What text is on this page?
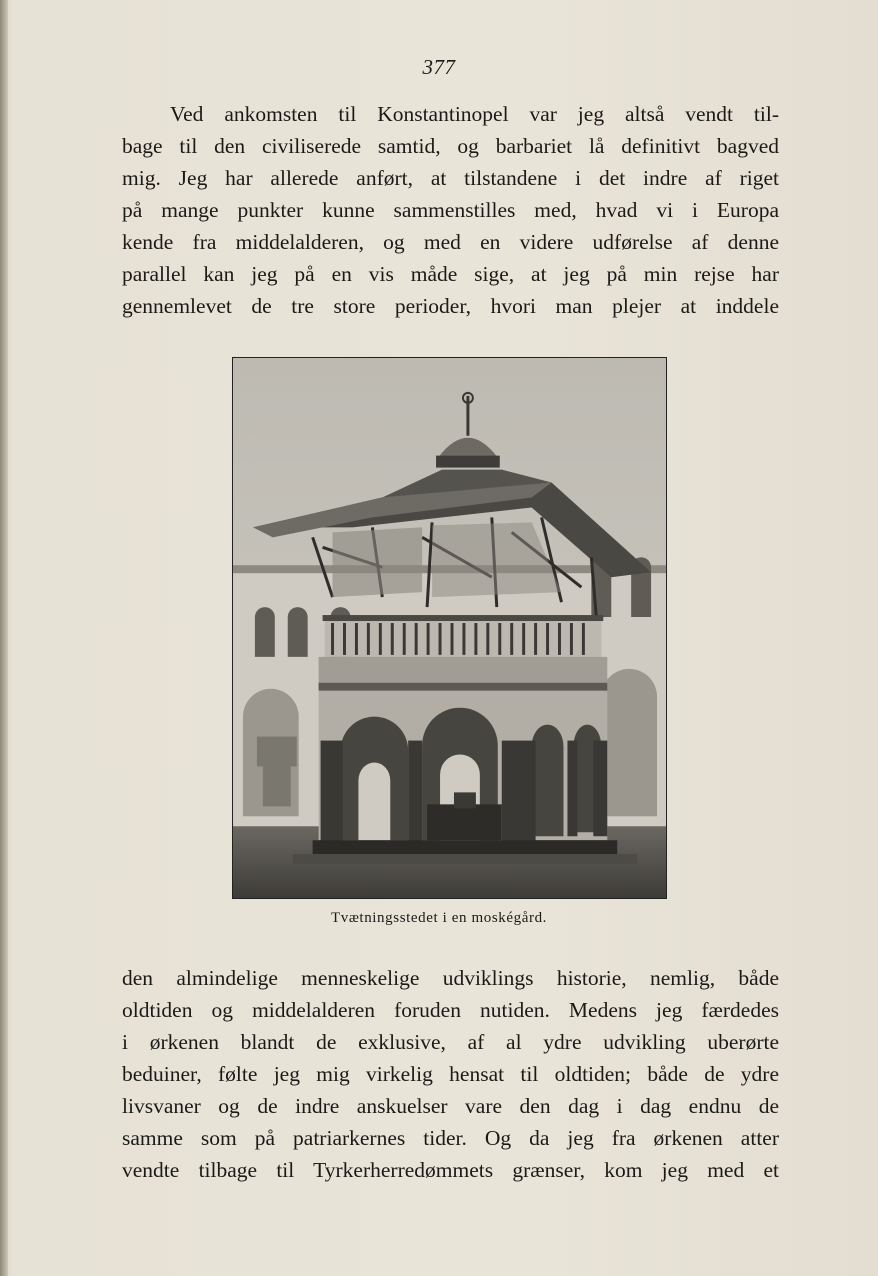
377
Ved ankomsten til Konstantinopel var jeg altså vendt til-
bage til den civiliserede samtid, og barbariet lå definitivt bagved
mig. Jeg har allerede anført, at tilstandene i det indre af riget
på mange punkter kunne sammenstilles med, hvad vi i Europa
kende fra middelalderen, og med en videre udførelse af denne
parallel kan jeg på en vis måde sige, at jeg på min rejse har
gennemlevet de tre store perioder, hvori man plejer at inddele
Tvætningsstedet i en moskégård.
den almindelige menneskelige udviklings historie, nemlig, både
oldtiden og middelalderen foruden nutiden. Medens jeg færdedes
i ørkenen blandt de exklusive, af al ydre udvikling uberørte
beduiner, følte jeg mig virkelig hensat til oldtiden; både de ydre
livsvaner og de indre anskuelser vare den dag i dag endnu de
samme som på patriarkernes tider. Og da jeg fra ørkenen atter
vendte tilbage til Tyrkerherredømmets grænser, kom jeg med et
